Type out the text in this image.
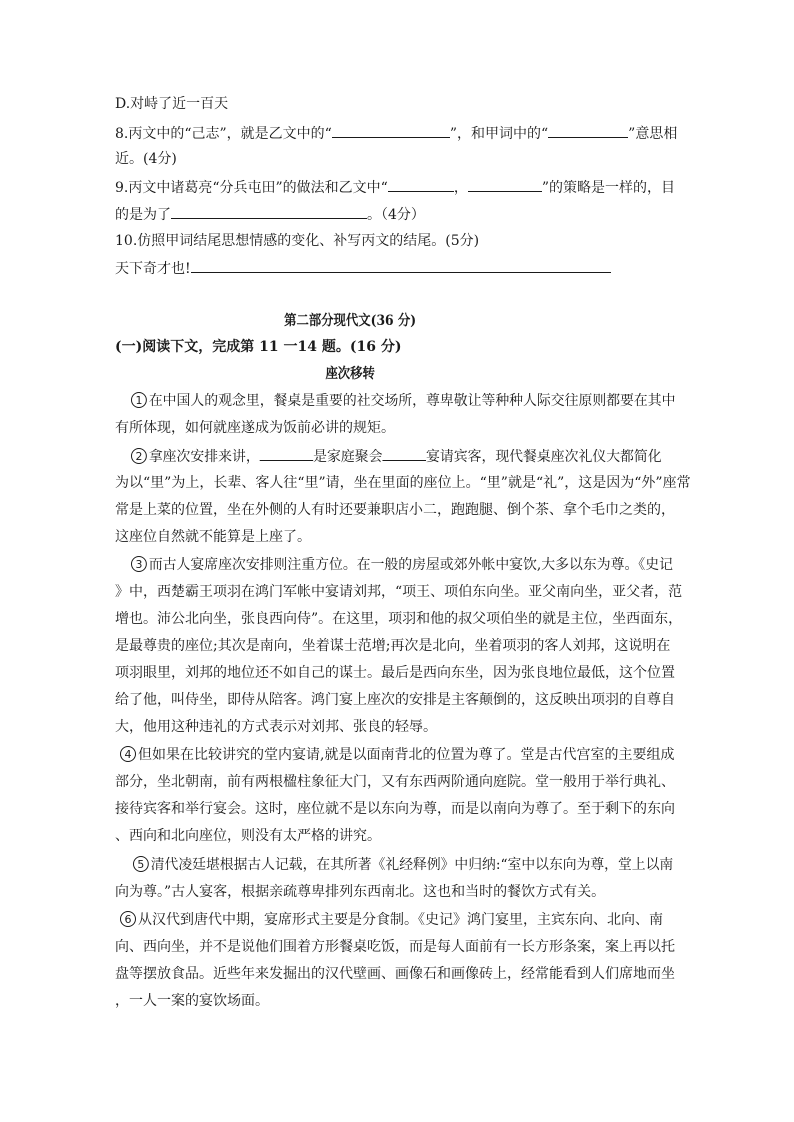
D.对峙了近一百天
8.丙文中的“己志”，就是乙文中的“	”，和甲词中的“	”意思相
近。(4分)
9.丙文中诸葛亮“分兵屯田”的做法和乙文中“	，	”的策略是一样的，目
的是为了	。（4分）
10.仿照甲词结尾思想情感的变化、补写丙文的结尾。(5分)
天下奇才也!
第二部分现代文(36 分)
(一)阅读下文，完成第 11 一14 题。(16 分)
座次移转
1 在中国人的观念里，餐桌是重要的社交场所，尊卑敬让等种种人际交往原则都要在其中
有所体现，如何就座遂成为饭前必讲的规矩。
2 拿座次安排来讲，	是家庭聚会	宴请宾客，现代餐桌座次礼仪大都简化
为以“里”为上，长辈、客人往“里”请，坐在里面的座位上。“里”就是“礼”，这是因为“外”座常
常是上菜的位置，坐在外侧的人有时还要兼职店小二，跑跑腿、倒个茶、拿个毛巾之类的，
这座位自然就不能算是上座了。
3 而古人宴席座次安排则注重方位。在一般的房屋或郊外帐中宴饮,大多以东为尊。《史记
》中，西楚霸王项羽在鸿门军帐中宴请刘邦，“项王、项伯东向坐。亚父南向坐，亚父者，范
增也。沛公北向坐，张良西向侍”。在这里，项羽和他的叔父项伯坐的就是主位，坐西面东，
是最尊贵的座位;其次是南向，坐着谋士范增;再次是北向，坐着项羽的客人刘邦，这说明在
项羽眼里，刘邦的地位还不如自己的谋士。最后是西向东坐，因为张良地位最低，这个位置
给了他，叫侍坐，即侍从陪客。鸿门宴上座次的安排是主客颠倒的，这反映出项羽的自尊自
大，他用这种违礼的方式表示对刘邦、张良的轻辱。
4 但如果在比较讲究的堂内宴请,就是以面南背北的位置为尊了。堂是古代宫室的主要组成
部分，坐北朝南，前有两根楹柱象征大门，又有东西两阶通向庭院。堂一般用于举行典礼、
接待宾客和举行宴会。这时，座位就不是以东向为尊，而是以南向为尊了。至于剩下的东向
、西向和北向座位，则没有太严格的讲究。
5 清代凌廷堪根据古人记载，在其所著《礼经释例》中归纳:“室中以东向为尊，堂上以南
向为尊。”古人宴客，根据亲疏尊卑排列东西南北。这也和当时的餐饮方式有关。
6 从汉代到唐代中期，宴席形式主要是分食制。《史记》鸿门宴里，主宾东向、北向、南
向、西向坐，并不是说他们围着方形餐桌吃饭，而是每人面前有一长方形条案，案上再以托
盘等摆放食品。近些年来发掘出的汉代壁画、画像石和画像砖上，经常能看到人们席地而坐
，一人一案的宴饮场面。
